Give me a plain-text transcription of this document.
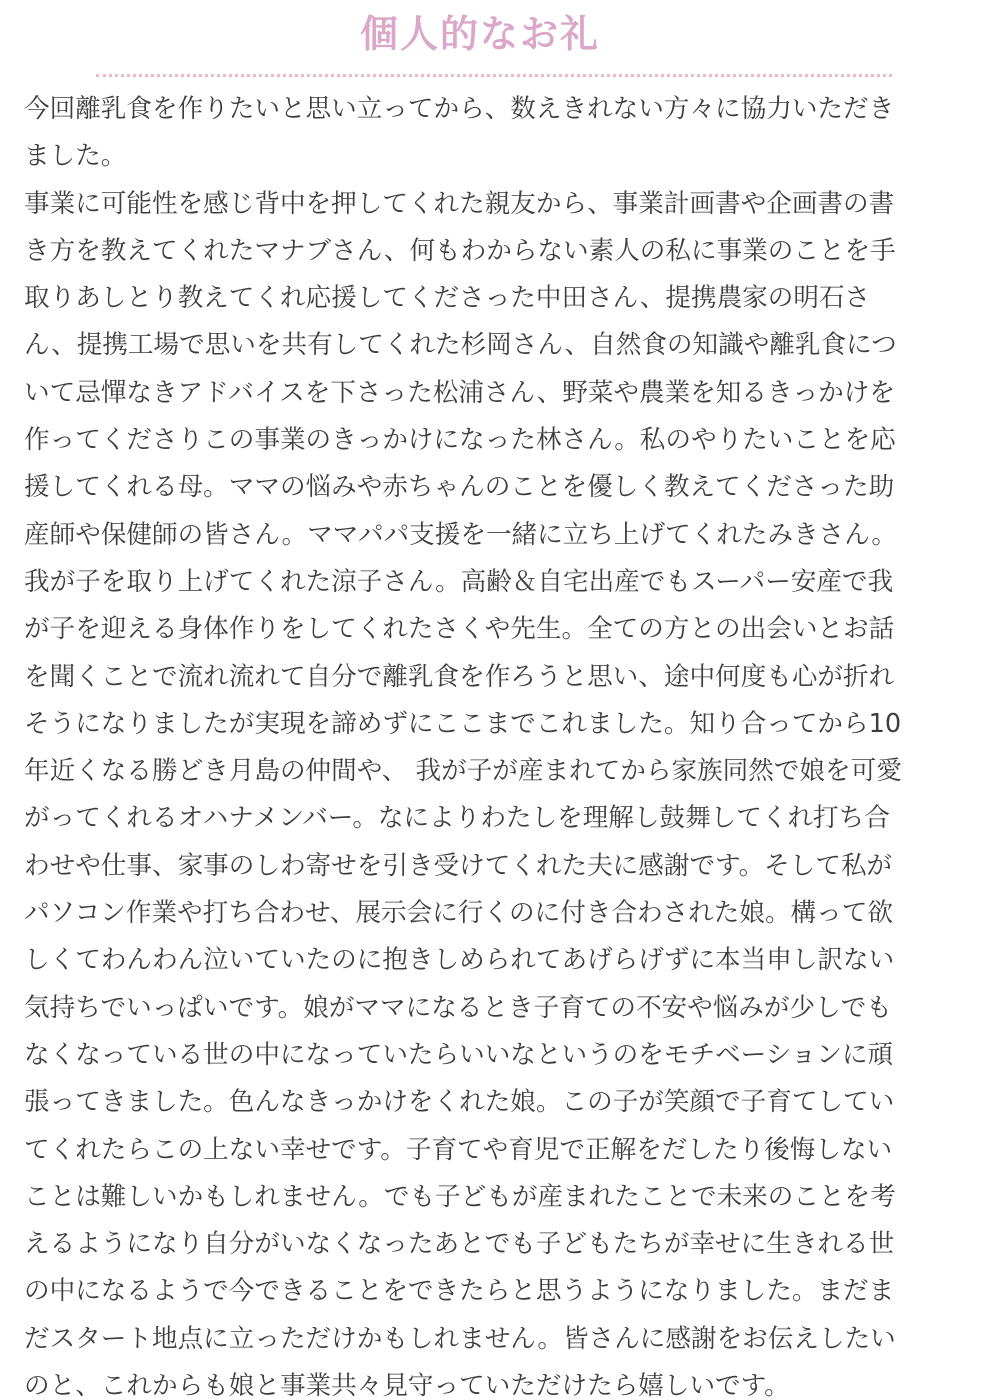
個人的なお礼
今回離乳食を作りたいと思い立ってから、数えきれない方々に協力いただき
ました。
事業に可能性を感じ背中を押してくれた親友から、事業計画書や企画書の書
き方を教えてくれたマナブさん、何もわからない素人の私に事業のことを手
取りあしとり教えてくれ応援してくださった中田さん、提携農家の明石さ
ん、提携工場で思いを共有してくれた杉岡さん、自然食の知識や離乳食につ
いて忌憚なきアドバイスを下さった松浦さん、野菜や農業を知るきっかけを
作ってくださりこの事業のきっかけになった林さん。私のやりたいことを応
援してくれる母。ママの悩みや赤ちゃんのことを優しく教えてくださった助
産師や保健師の皆さん。ママパパ支援を一緒に立ち上げてくれたみきさん。
我が子を取り上げてくれた涼子さん。高齢＆自宅出産でもスーパー安産で我
が子を迎える身体作りをしてくれたさくや先生。全ての方との出会いとお話
を聞くことで流れ流れて自分で離乳食を作ろうと思い、途中何度も心が折れ
そうになりましたが実現を諦めずにここまでこれました。知り合ってから10
年近くなる勝どき月島の仲間や、 我が子が産まれてから家族同然で娘を可愛
がってくれるオハナメンバー。なによりわたしを理解し鼓舞してくれ打ち合
わせや仕事、家事のしわ寄せを引き受けてくれた夫に感謝です。そして私が
パソコン作業や打ち合わせ、展示会に行くのに付き合わされた娘。構って欲
しくてわんわん泣いていたのに抱きしめられてあげらげずに本当申し訳ない
気持ちでいっぱいです。娘がママになるとき子育ての不安や悩みが少しでも
なくなっている世の中になっていたらいいなというのをモチベーションに頑
張ってきました。色んなきっかけをくれた娘。この子が笑顔で子育てしてい
てくれたらこの上ない幸せです。子育てや育児で正解をだしたり後悔しない
ことは難しいかもしれません。でも子どもが産まれたことで未来のことを考
えるようになり自分がいなくなったあとでも子どもたちが幸せに生きれる世
の中になるようで今できることをできたらと思うようになりました。まだま
だスタート地点に立っただけかもしれません。皆さんに感謝をお伝えしたい
のと、これからも娘と事業共々見守っていただけたら嬉しいです。
